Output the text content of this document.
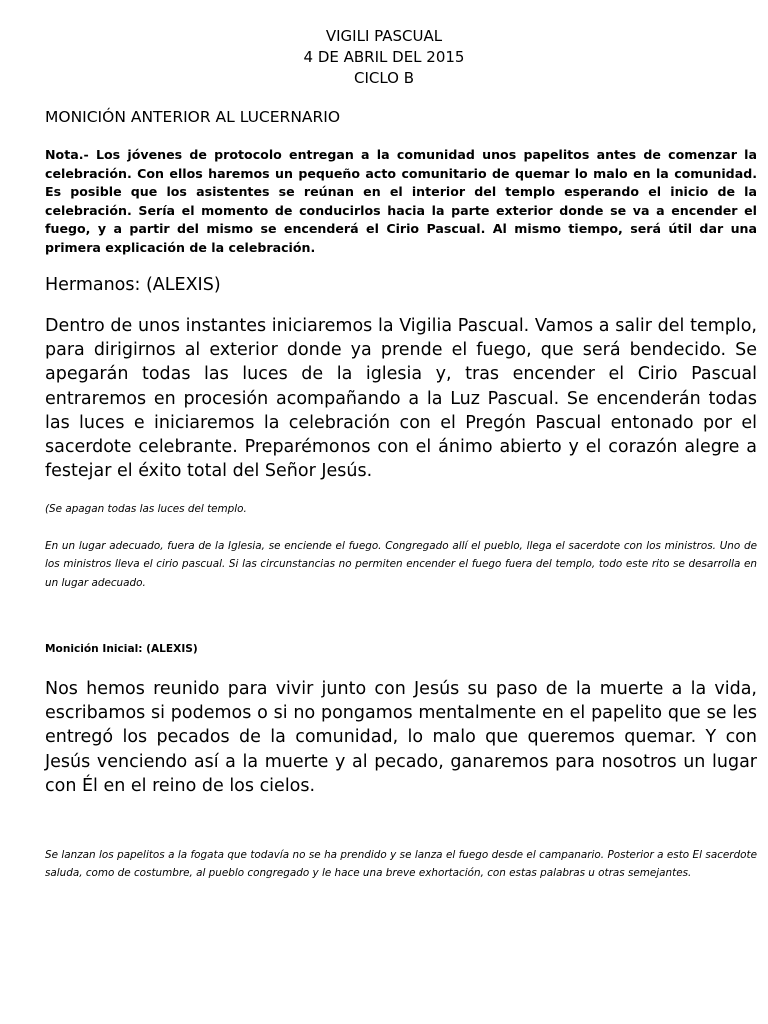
VIGILI PASCUAL
4 DE ABRIL DEL 2015
CICLO B
MONICIÓN ANTERIOR AL LUCERNARIO
Nota.- Los jóvenes de protocolo entregan a la comunidad unos papelitos antes de comenzar la celebración. Con ellos haremos un pequeño acto comunitario de quemar lo malo en la comunidad. Es posible que los asistentes se reúnan en el interior del templo esperando el inicio de la celebración. Sería el momento de conducirlos hacia la parte exterior donde se va a encender el fuego, y a partir del mismo se encenderá el Cirio Pascual. Al mismo tiempo, será útil dar una primera explicación de la celebración.
Hermanos: (ALEXIS)
Dentro de unos instantes iniciaremos la Vigilia Pascual. Vamos a salir del templo, para dirigirnos al exterior donde ya prende el fuego, que será bendecido. Se apegarán todas las luces de la iglesia y, tras encender el Cirio Pascual entraremos en procesión acompañando a la Luz Pascual. Se encenderán todas las luces e iniciaremos la celebración con el Pregón Pascual entonado por el sacerdote celebrante. Preparémonos con el ánimo abierto y el corazón alegre a festejar el éxito total del Señor Jesús.
(Se apagan todas las luces del templo.
En un lugar adecuado, fuera de la Iglesia, se enciende el fuego. Congregado allí el pueblo, llega el sacerdote con los ministros. Uno de los ministros lleva el cirio pascual. Si las circunstancias no permiten encender el fuego fuera del templo, todo este rito se desarrolla en un lugar adecuado.
Monición Inicial: (ALEXIS)
Nos hemos reunido para vivir junto con Jesús su paso de la muerte a la vida, escribamos si podemos o si no pongamos mentalmente en el papelito que se les entregó los pecados de la comunidad, lo malo que queremos quemar. Y con Jesús venciendo así a la muerte y al pecado, ganaremos para nosotros un lugar con Él en el reino de los cielos.
Se lanzan los papelitos a la fogata que todavía no se ha prendido y se lanza el fuego desde el campanario. Posterior a esto El sacerdote saluda, como de costumbre, al pueblo congregado y le hace una breve exhortación, con estas palabras u otras semejantes.
